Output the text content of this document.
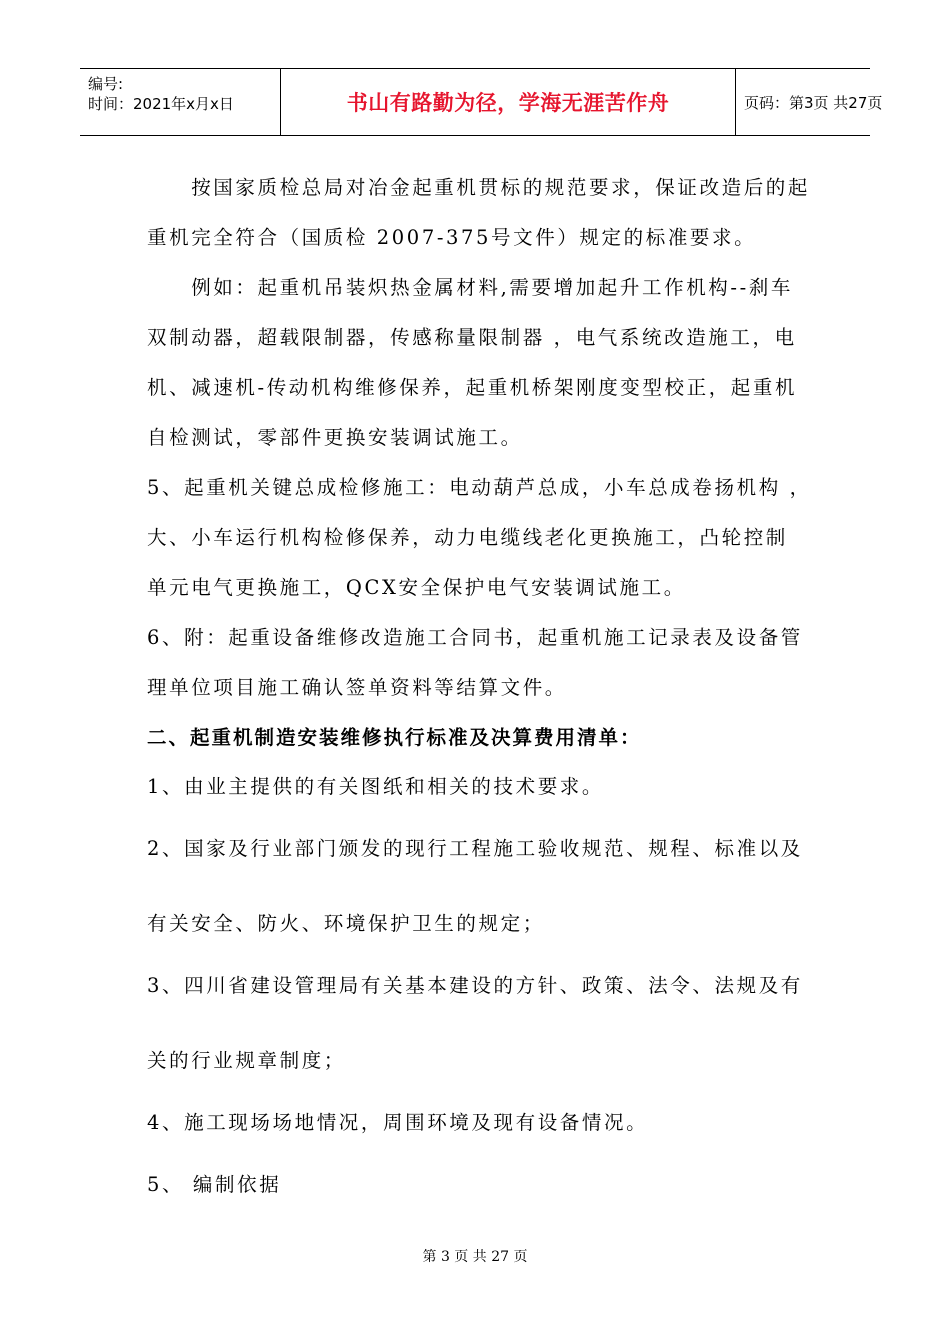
编号:
时间：2021年x月x日	书山有路勤为径，学海无涯苦作舟	页码：第3页 共27页
　　按国家质检总局对冶金起重机贯标的规范要求，保证改造后的起
重机完全符合（国质检 2007-375号文件）规定的标准要求。
　　例如：起重机吊装炽热金属材料,需要增加起升工作机构--刹车
双制动器，超载限制器，传感称量限制器 ，电气系统改造施工，电
机、减速机-传动机构维修保养，起重机桥架刚度变型校正，起重机
自检测试，零部件更换安装调试施工。
5、起重机关键总成检修施工：电动葫芦总成，小车总成卷扬机构 ，
大、小车运行机构检修保养，动力电缆线老化更换施工，凸轮控制
单元电气更换施工，QCX安全保护电气安装调试施工。
6、附：起重设备维修改造施工合同书，起重机施工记录表及设备管
理单位项目施工确认签单资料等结算文件。
二、起重机制造安装维修执行标准及决算费用清单：
1、由业主提供的有关图纸和相关的技术要求。
2、国家及行业部门颁发的现行工程施工验收规范、规程、标准以及
有关安全、防火、环境保护卫生的规定；
3、四川省建设管理局有关基本建设的方针、政策、法令、法规及有
关的行业规章制度；
4、施工现场场地情况，周围环境及现有设备情况。
5、 编制依据
第 3 页 共 27 页
